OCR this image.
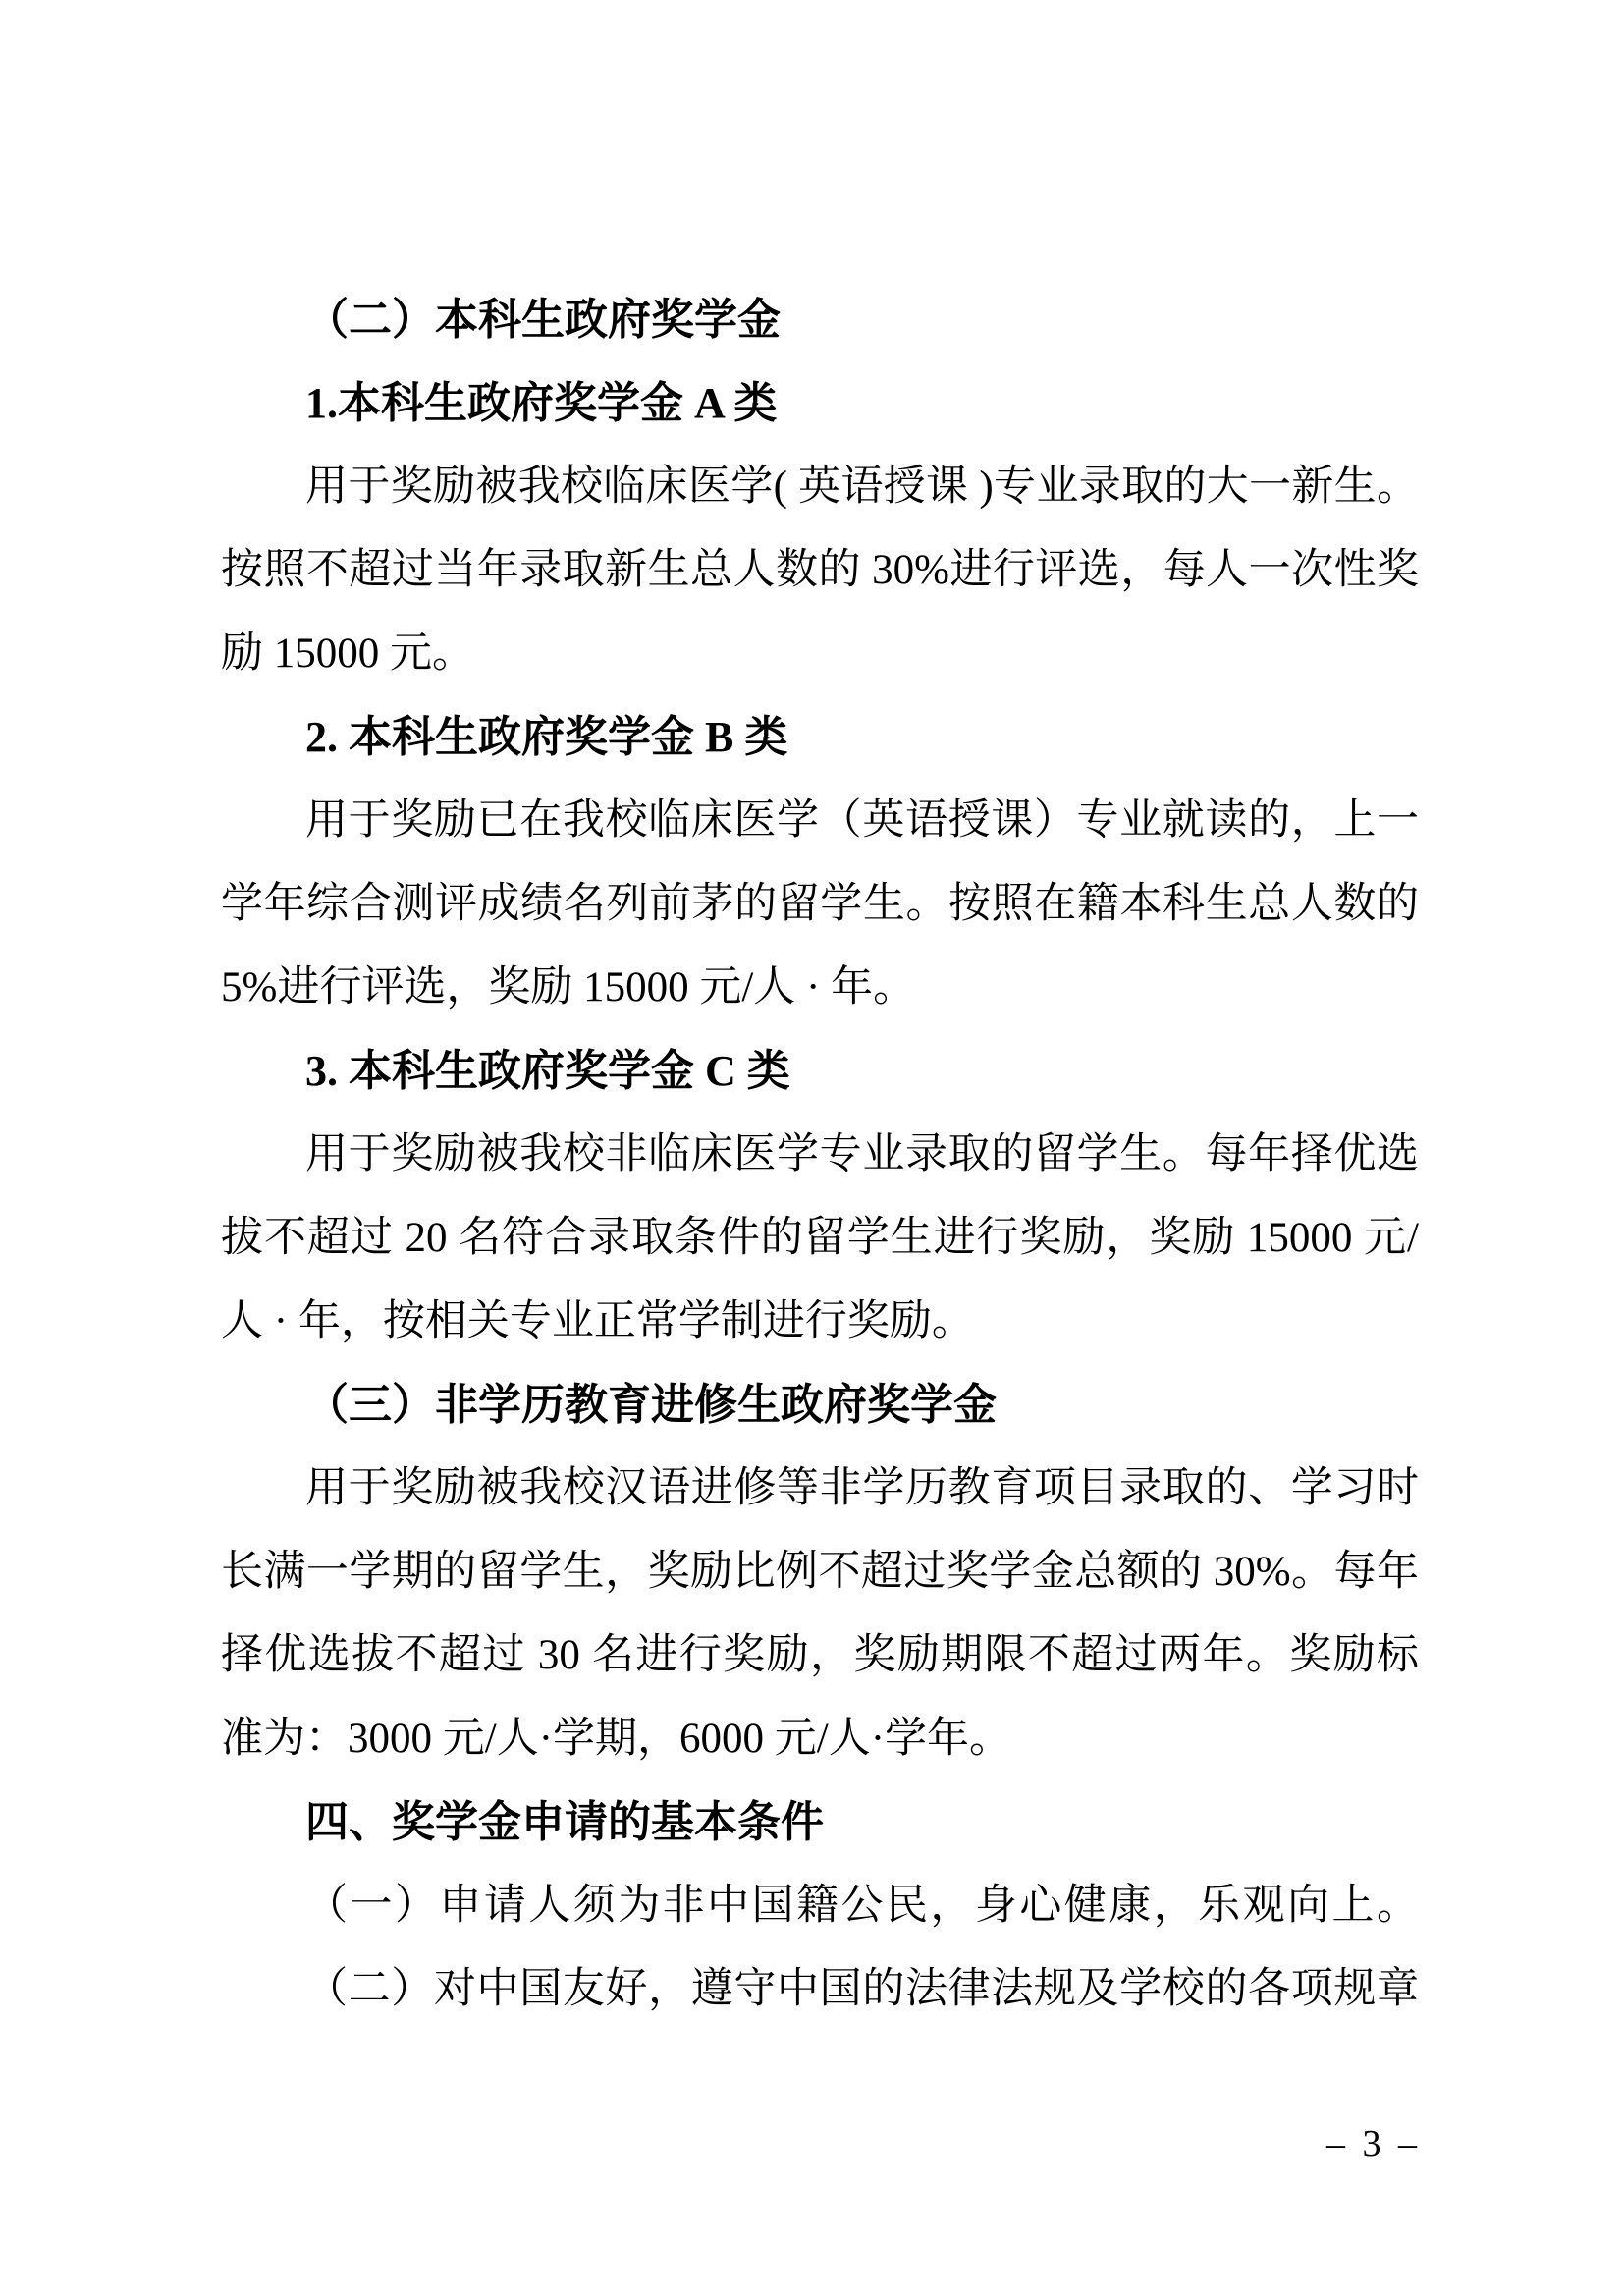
（二）本科生政府奖学金
1.本科生政府奖学金 A 类
用于奖励被我校临床医学( 英语授课 )专业录取的大一新生。
按照不超过当年录取新生总人数的 30%进行评选，每人一次性奖
励 15000 元。
2. 本科生政府奖学金 B 类
用于奖励已在我校临床医学（英语授课）专业就读的，上一
学年综合测评成绩名列前茅的留学生。按照在籍本科生总人数的
5%进行评选，奖励 15000 元/人 · 年。
3. 本科生政府奖学金 C 类
用于奖励被我校非临床医学专业录取的留学生。每年择优选
拔不超过 20 名符合录取条件的留学生进行奖励，奖励 15000 元/
人 · 年，按相关专业正常学制进行奖励。
（三）非学历教育进修生政府奖学金
用于奖励被我校汉语进修等非学历教育项目录取的、学习时
长满一学期的留学生，奖励比例不超过奖学金总额的 30%。每年
择优选拔不超过 30 名进行奖励，奖励期限不超过两年。奖励标
准为：3000 元/人·学期，6000 元/人·学年。
四、奖学金申请的基本条件
（一）申请人须为非中国籍公民，身心健康，乐观向上。
（二）对中国友好，遵守中国的法律法规及学校的各项规章
– 3 –
